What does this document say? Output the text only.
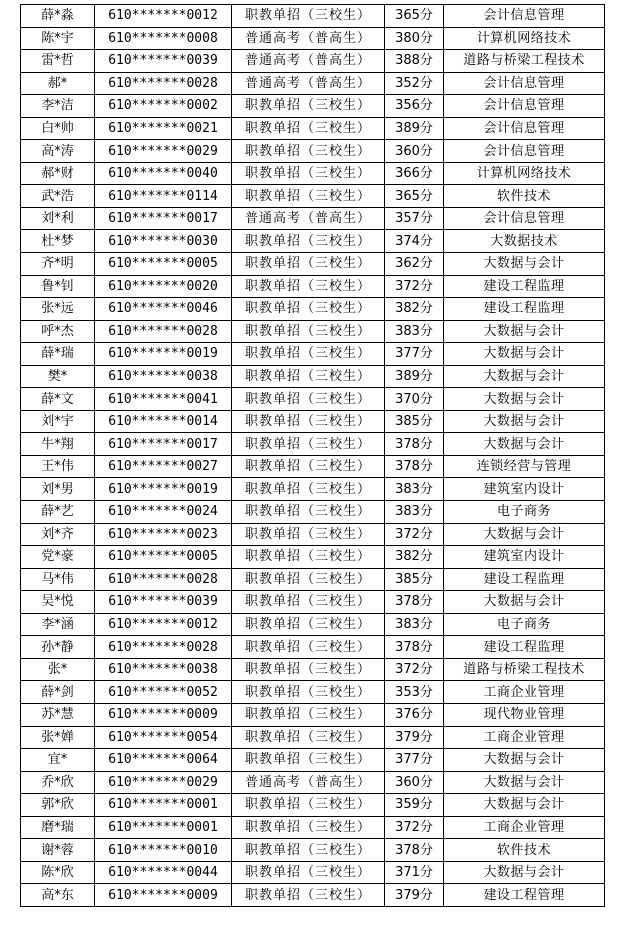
薛*淼	610*******0012	职教单招（三校生）	365分	会计信息管理
陈*宇	610*******0008	普通高考（普高生）	380分	计算机网络技术
雷*哲	610*******0039	普通高考（普高生）	388分	道路与桥梁工程技术
郝*	610*******0028	普通高考（普高生）	352分	会计信息管理
李*洁	610*******0002	职教单招（三校生）	356分	会计信息管理
白*帅	610*******0021	职教单招（三校生）	389分	会计信息管理
高*涛	610*******0029	职教单招（三校生）	360分	会计信息管理
郝*财	610*******0040	职教单招（三校生）	366分	计算机网络技术
武*浩	610*******0114	职教单招（三校生）	365分	软件技术
刘*利	610*******0017	普通高考（普高生）	357分	会计信息管理
杜*梦	610*******0030	职教单招（三校生）	374分	大数据技术
齐*明	610*******0005	职教单招（三校生）	362分	大数据与会计
鲁*钊	610*******0020	职教单招（三校生）	372分	建设工程监理
张*远	610*******0046	职教单招（三校生）	382分	建设工程监理
呼*杰	610*******0028	职教单招（三校生）	383分	大数据与会计
薛*瑞	610*******0019	职教单招（三校生）	377分	大数据与会计
樊*	610*******0038	职教单招（三校生）	389分	大数据与会计
薛*文	610*******0041	职教单招（三校生）	370分	大数据与会计
刘*宇	610*******0014	职教单招（三校生）	385分	大数据与会计
牛*翔	610*******0017	职教单招（三校生）	378分	大数据与会计
王*伟	610*******0027	职教单招（三校生）	378分	连锁经营与管理
刘*男	610*******0019	职教单招（三校生）	383分	建筑室内设计
薛*艺	610*******0024	职教单招（三校生）	383分	电子商务
刘*齐	610*******0023	职教单招（三校生）	372分	大数据与会计
党*豪	610*******0005	职教单招（三校生）	382分	建筑室内设计
马*伟	610*******0028	职教单招（三校生）	385分	建设工程监理
吴*悦	610*******0039	职教单招（三校生）	378分	大数据与会计
李*涵	610*******0012	职教单招（三校生）	383分	电子商务
孙*静	610*******0028	职教单招（三校生）	378分	建设工程监理
张*	610*******0038	职教单招（三校生）	372分	道路与桥梁工程技术
薛*剑	610*******0052	职教单招（三校生）	353分	工商企业管理
苏*慧	610*******0009	职教单招（三校生）	376分	现代物业管理
张*婵	610*******0054	职教单招（三校生）	379分	工商企业管理
宜*	610*******0064	职教单招（三校生）	377分	大数据与会计
乔*欣	610*******0029	普通高考（普高生）	360分	大数据与会计
郭*欣	610*******0001	职教单招（三校生）	359分	大数据与会计
磨*瑞	610*******0001	职教单招（三校生）	372分	工商企业管理
谢*蓉	610*******0010	职教单招（三校生）	378分	软件技术
陈*欣	610*******0044	职教单招（三校生）	371分	大数据与会计
高*东	610*******0009	职教单招（三校生）	379分	建设工程管理
